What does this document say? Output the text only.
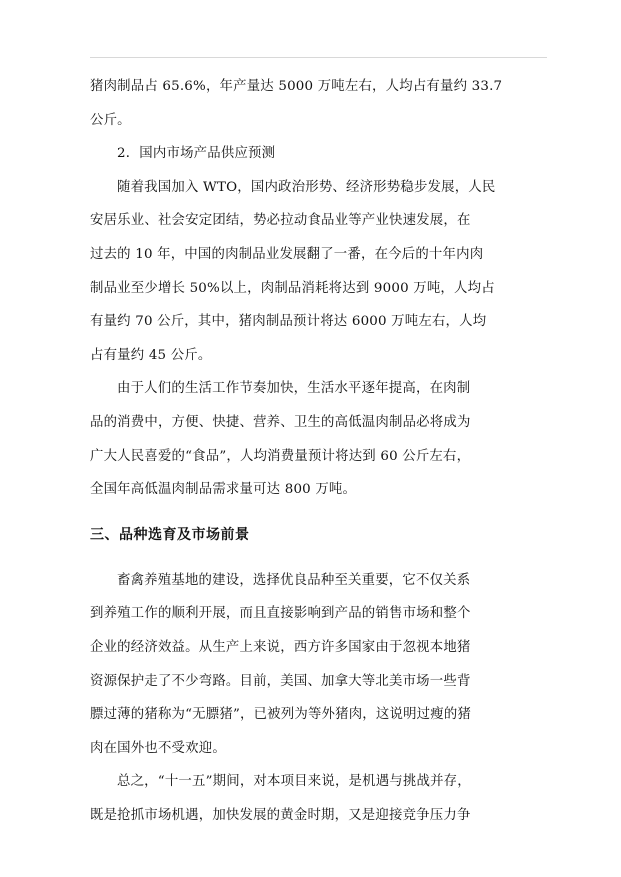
猪肉制品占 65.6%，年产量达 5000 万吨左右，人均占有量约 33.7
公斤。

2．国内市场产品供应预测

随着我国加入 WTO，国内政治形势、经济形势稳步发展，人民
安居乐业、社会安定团结，势必拉动食品业等产业快速发展，在
过去的 10 年，中国的肉制品业发展翻了一番，在今后的十年内肉
制品业至少增长 50%以上，肉制品消耗将达到 9000 万吨，人均占
有量约 70 公斤，其中，猪肉制品预计将达 6000 万吨左右，人均
占有量约 45 公斤。

由于人们的生活工作节奏加快，生活水平逐年提高，在肉制
品的消费中，方便、快捷、营养、卫生的高低温肉制品必将成为
广大人民喜爱的“食品”，人均消费量预计将达到 60 公斤左右，
全国年高低温肉制品需求量可达 800 万吨。

三、品种选育及市场前景

畜禽养殖基地的建设，选择优良品种至关重要，它不仅关系
到养殖工作的顺利开展，而且直接影响到产品的销售市场和整个
企业的经济效益。从生产上来说，西方许多国家由于忽视本地猪
资源保护走了不少弯路。目前，美国、加拿大等北美市场一些背
膘过薄的猪称为“无膘猪”，已被列为等外猪肉，这说明过瘦的猪
肉在国外也不受欢迎。

总之，“十一五”期间，对本项目来说，是机遇与挑战并存，
既是抢抓市场机遇，加快发展的黄金时期，又是迎接竞争压力争
